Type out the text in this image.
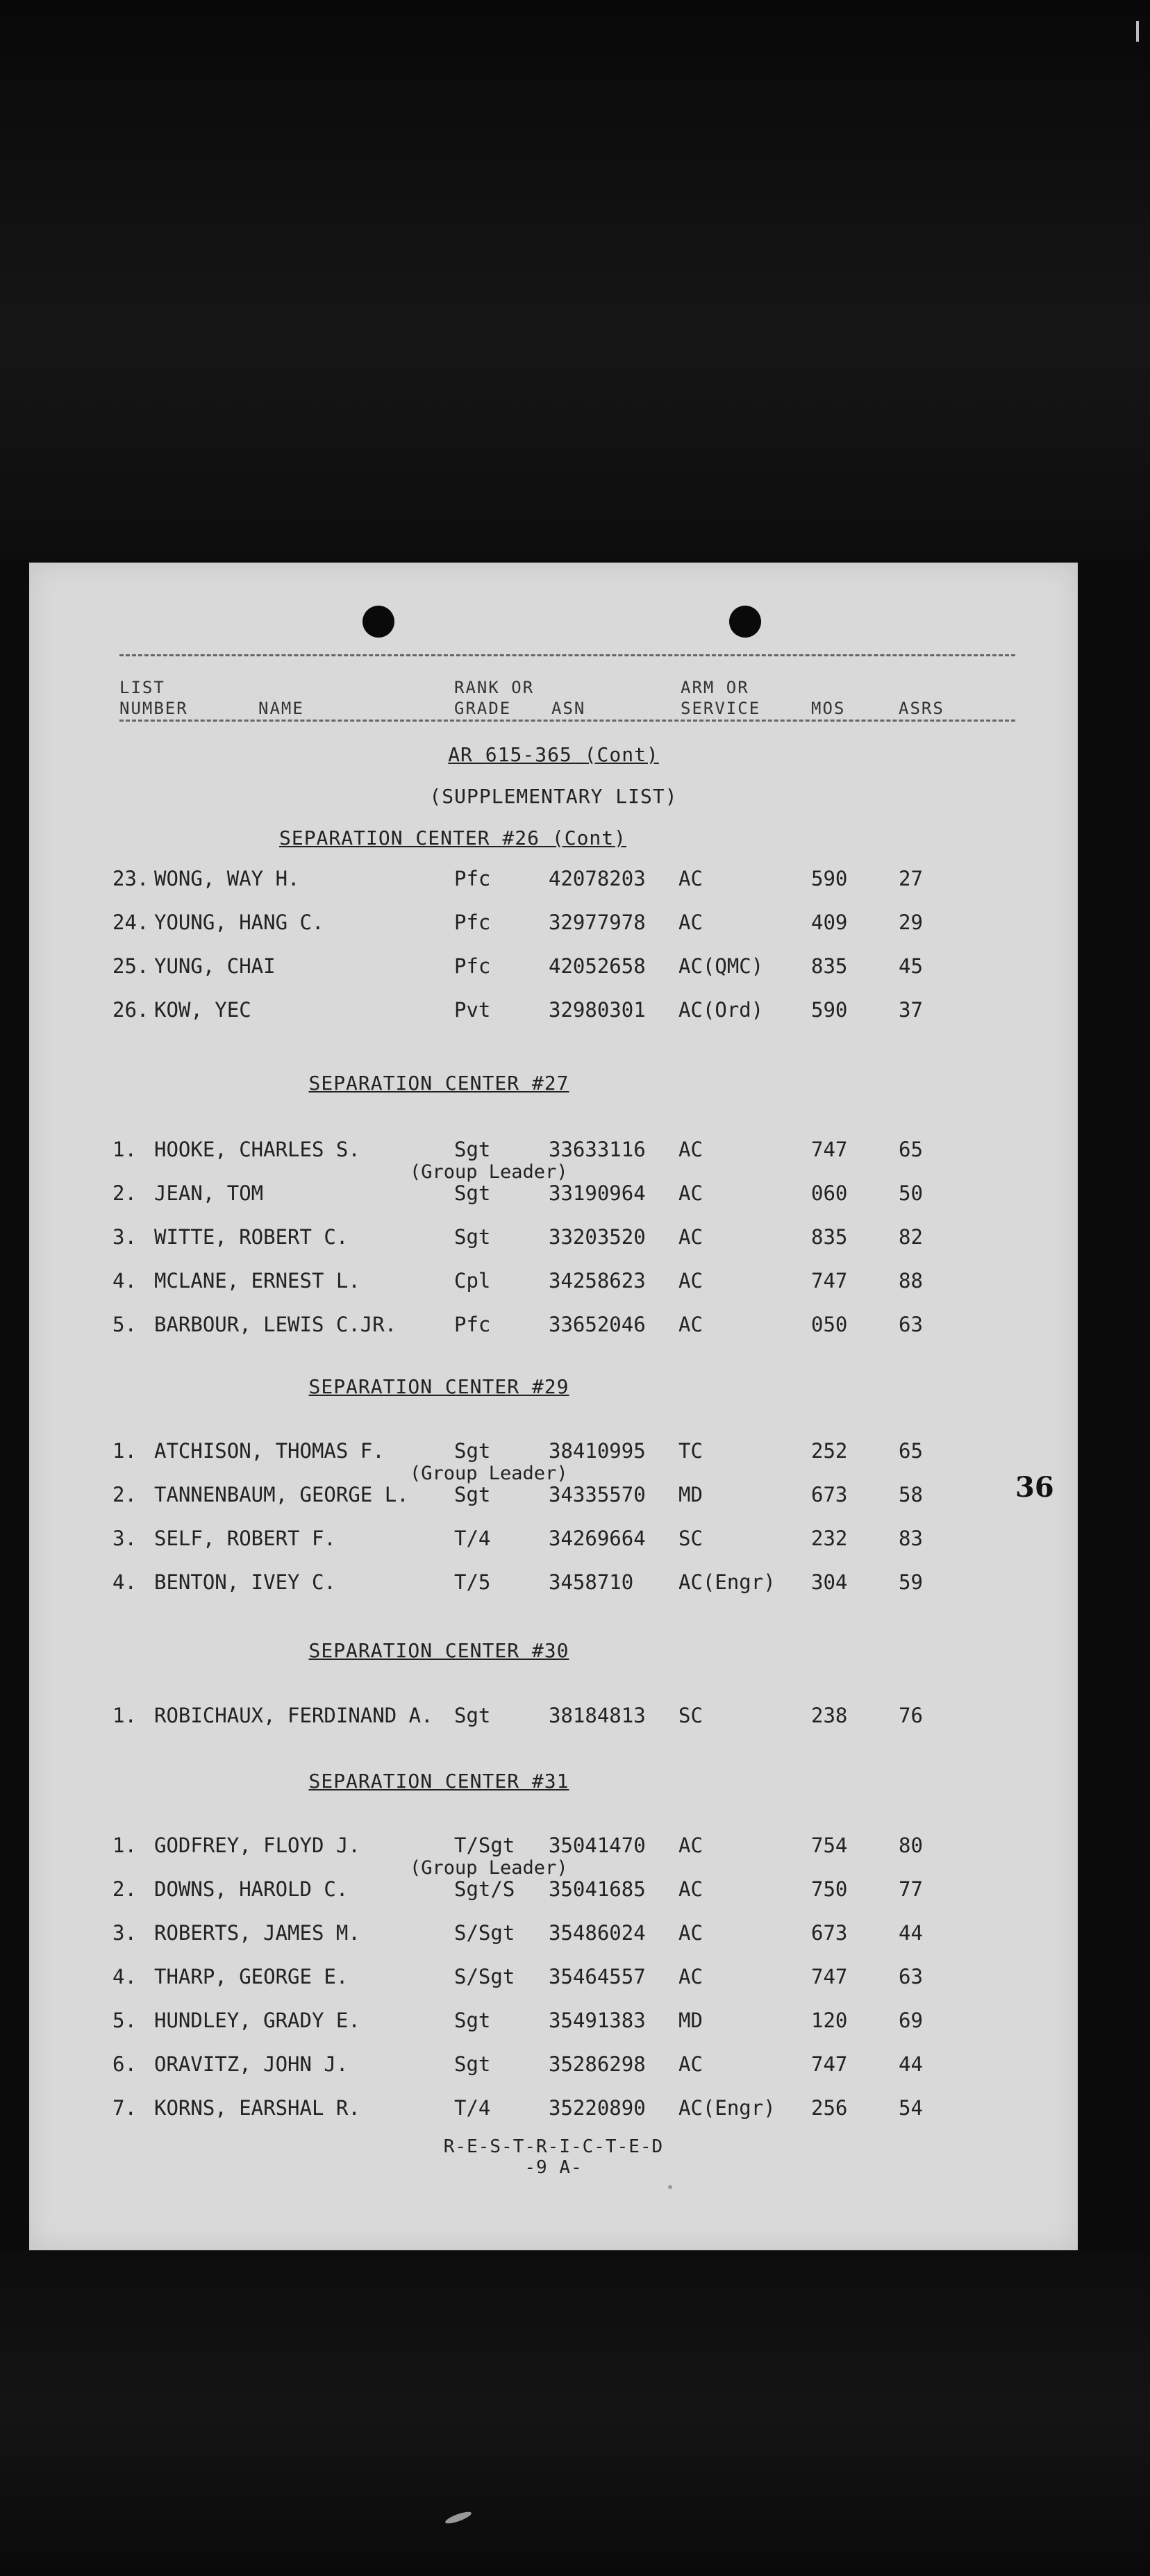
LIST
NUMBER	NAME
RANK OR
GRADE	ASN
ARM OR
SERVICE	MOS	ASRS
AR 615-365 (Cont)
(SUPPLEMENTARY LIST)
SEPARATION CENTER #26 (Cont)
23. WONG, WAY H.	Pfc	42078203 AC	590	27
24. YOUNG, HANG C.	Pfc	32977978 AC	409	29
25. YUNG, CHAI	Pfc	42052658 AC(QMC) 835	45
26. KOW, YEC	Pvt	32980301 AC(Ord) 590	37
SEPARATION CENTER #27
1. HOOKE, CHARLES S.	Sgt	33633116 AC	747	65
(Group Leader)
2. JEAN, TOM	Sgt	33190964 AC	060	50
3. WITTE, ROBERT C.	Sgt	33203520 AC	835	82
4. MCLANE, ERNEST L.	Cpl	34258623 AC	747	88
5. BARBOUR, LEWIS C.JR.	Pfc	33652046 AC	050	63
SEPARATION CENTER #29
1. ATCHISON, THOMAS F.	Sgt	38410995 TC	252	65
(Group Leader)
2. TANNENBAUM, GEORGE L. Sgt	34335570 MD	673	58
3. SELF, ROBERT F.	T/4	34269664 SC	232	83
4. BENTON, IVEY C.	T/5	3458710 AC(Engr) 304	59
SEPARATION CENTER #30
1. ROBICHAUX, FERDINAND A. Sgt	38184813 SC	238	76
SEPARATION CENTER #31
1. GODFREY, FLOYD J.	T/Sgt 35041470 AC	754	80
(Group Leader)
2. DOWNS, HAROLD C.	Sgt/S 35041685 AC	750	77
3. ROBERTS, JAMES M.	S/Sgt 35486024 AC	673	44
4. THARP, GEORGE E.	S/Sgt 35464557 AC	747	63
5. HUNDLEY, GRADY E.	Sgt	35491383 MD	120	69
6. ORAVITZ, JOHN J.	Sgt	35286298 AC	747	44
7. KORNS, EARSHAL R.	T/4	35220890 AC(Engr) 256	54
36
R-E-S-T-R-I-C-T-E-D
-9 A-
